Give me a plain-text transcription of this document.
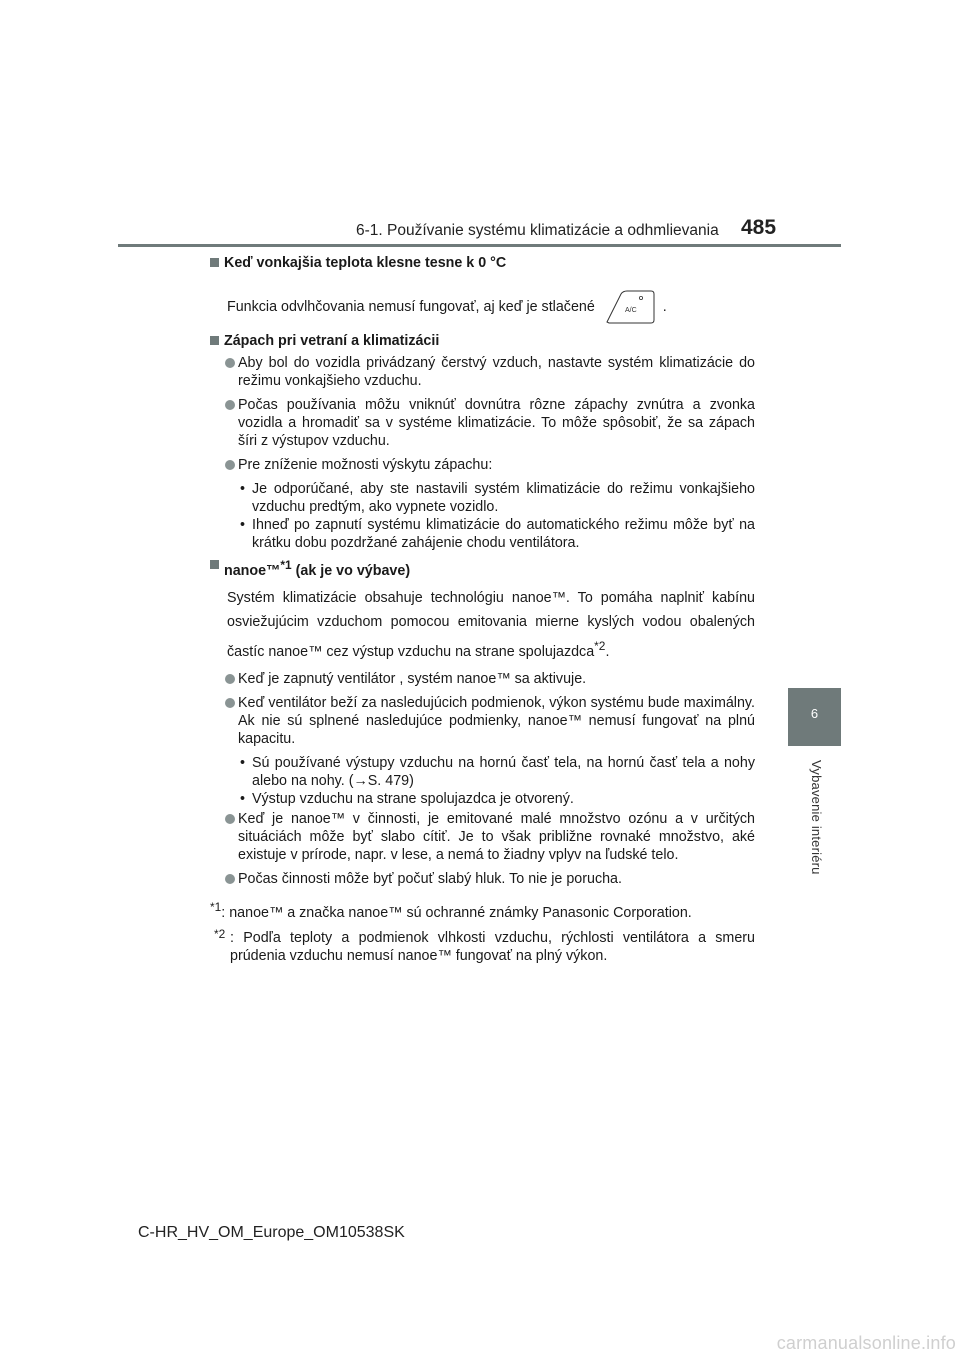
6-1. Používanie systému klimatizácie a odhmlievania 485
6
Vybavenie interiéru
Keď vonkajšia teplota klesne tesne k 0 °C
Funkcia odvlhčovania nemusí fungovať, aj keď je stlačené	A/C .
Zápach pri vetraní a klimatizácii
Aby bol do vozidla privádzaný čerstvý vzduch, nastavte systém klimatizácie do režimu vonkajšieho vzduchu.
Počas používania môžu vniknúť dovnútra rôzne zápachy zvnútra a zvonka vozidla a hromadiť sa v systéme klimatizácie. To môže spôsobiť, že sa zápach šíri z výstupov vzduchu.
Pre zníženie možnosti výskytu zápachu:
• Je odporúčané, aby ste nastavili systém klimatizácie do režimu vonkajšieho vzduchu predtým, ako vypnete vozidlo.
• Ihneď po zapnutí systému klimatizácie do automatického režimu môže byť na krátku dobu pozdržané zahájenie chodu ventilátora.
nanoe™$^{*1}$ (ak je vo výbave)
Systém klimatizácie obsahuje technológiu nanoe™. To pomáha naplniť kabínu osviežujúcim vzduchom pomocou emitovania mierne kyslých vodou obalených častíc nanoe™ cez výstup vzduchu na strane spolujazdca$^{*2}$.
Keď je zapnutý ventilátor , systém nanoe™ sa aktivuje.
Keď ventilátor beží za nasledujúcich podmienok, výkon systému bude maximálny. Ak nie sú splnené nasledujúce podmienky, nanoe™ nemusí fungovať na plnú kapacitu.
• Sú používané výstupy vzduchu na hornú časť tela, na hornú časť tela a nohy alebo na nohy. (→S. 479)
• Výstup vzduchu na strane spolujazdca je otvorený.
Keď je nanoe™ v činnosti, je emitované malé množstvo ozónu a v určitých situáciách môže byť slabo cítiť. Je to však približne rovnaké množstvo, aké existuje v prírode, napr. v lese, a nemá to žiadny vplyv na ľudské telo.
Počas činnosti môže byť počuť slabý hluk. To nie je porucha.
$^{*1}$: nanoe™ a značka nanoe™ sú ochranné známky Panasonic Corporation.
*2 : Podľa teploty a podmienok vlhkosti vzduchu, rýchlosti ventilátora a smeru prúdenia vzduchu nemusí nanoe™ fungovať na plný výkon.
C-HR_HV_OM_Europe_OM10538SK
carmanualsonline.info
